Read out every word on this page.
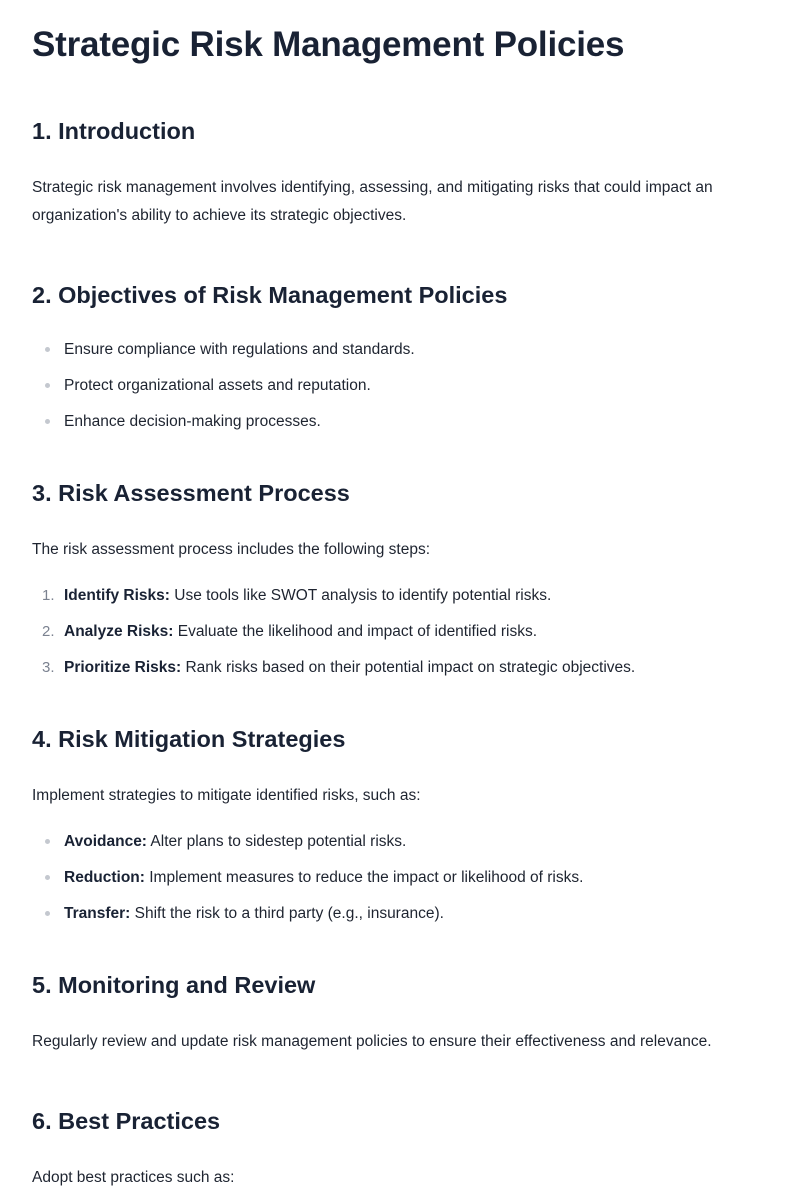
Strategic Risk Management Policies
1. Introduction

Strategic risk management involves identifying, assessing, and mitigating risks that could impact an organization's ability to achieve its strategic objectives.

2. Objectives of Risk Management Policies
Ensure compliance with regulations and standards.
Protect organizational assets and reputation.
Enhance decision-making processes.
3. Risk Assessment Process

The risk assessment process includes the following steps:

1. Identify Risks: Use tools like SWOT analysis to identify potential risks.
2. Analyze Risks: Evaluate the likelihood and impact of identified risks.
3. Prioritize Risks: Rank risks based on their potential impact on strategic objectives.
4. Risk Mitigation Strategies

Implement strategies to mitigate identified risks, such as:

Avoidance: Alter plans to sidestep potential risks.
Reduction: Implement measures to reduce the impact or likelihood of risks.
Transfer: Shift the risk to a third party (e.g., insurance).
5. Monitoring and Review

Regularly review and update risk management policies to ensure their effectiveness and relevance.

6. Best Practices

Adopt best practices such as:
